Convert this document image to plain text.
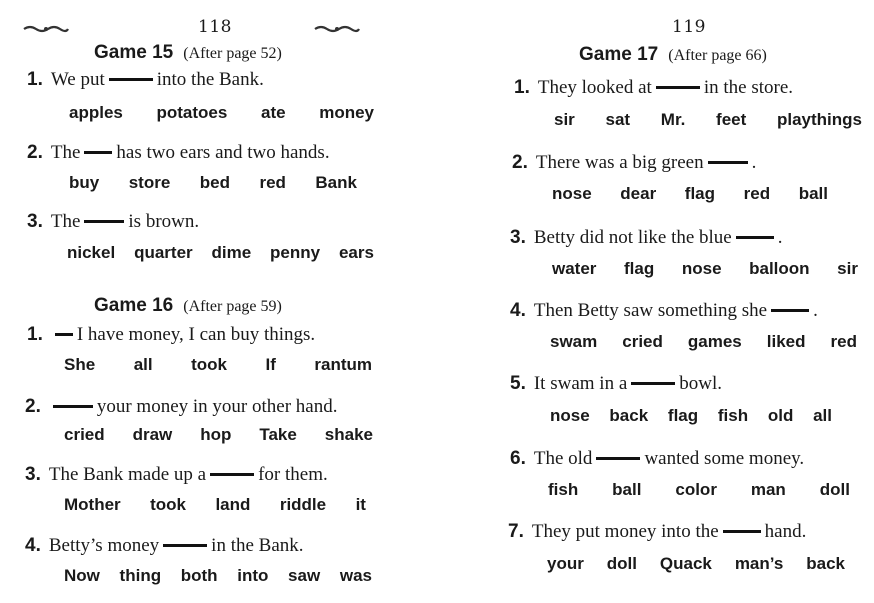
118
Game 15 (After page 52)
1. We put	into the Bank.
apples potatoes ate money
2. The has two ears and two hands.
buy store bed red Bank
3. The	is brown.
nickel quarter dime penny ears
Game 16 (After page 59)
1. I have money, I can buy things.
She all took If rantum
2.	your money in your other hand.
cried draw hop Take shake
3. The Bank made up a	for them.
Mother took land riddle it
4. Betty’s money	in the Bank.
Now thing both into saw was
119
Game 17 (After page 66)
1. They looked at	in the store.
sir sat Mr. feet playthings
2. There was a big green	.
nose dear flag red ball
3. Betty did not like the blue .
water flag nose balloon sir
4. Then Betty saw something she .
swam cried games liked red
5. It swam in a	bowl.
nose back flag fish old all
6. The old	wanted some money.
fish ball color man doll
7. They put money into the hand.
your doll Quack man’s back
